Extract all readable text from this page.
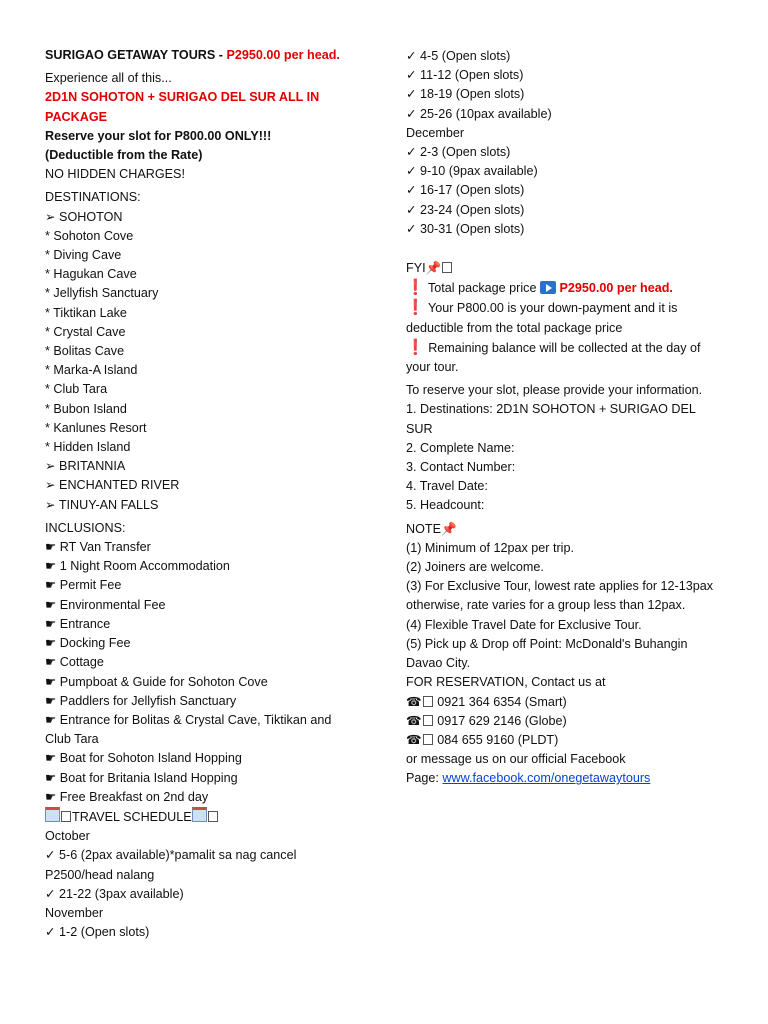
SURIGAO GETAWAY TOURS - P2950.00 per head.
Experience all of this...
2D1N SOHOTON + SURIGAO DEL SUR ALL IN
PACKAGE
Reserve your slot for P800.00 ONLY!!!
(Deductible from the Rate)
NO HIDDEN CHARGES!
DESTINATIONS:
➢ SOHOTON
* Sohoton Cove
* Diving Cave
* Hagukan Cave
* Jellyfish Sanctuary
* Tiktikan Lake
* Crystal Cave
* Bolitas Cave
* Marka-A Island
* Club Tara
* Bubon Island
* Kanlunes Resort
* Hidden Island
➢ BRITANNIA
➢ ENCHANTED RIVER
➢ TINUY-AN FALLS
INCLUSIONS:
☛ RT Van Transfer
☛ 1 Night Room Accommodation
☛ Permit Fee
☛ Environmental Fee
☛ Entrance
☛ Docking Fee
☛ Cottage
☛ Pumpboat & Guide for Sohoton Cove
☛ Paddlers for Jellyfish Sanctuary
☛ Entrance for Bolitas & Crystal Cave, Tiktikan and
Club Tara
☛ Boat for Sohoton Island Hopping
☛ Boat for Britania Island Hopping
☛ Free Breakfast on 2nd day
TRAVEL SCHEDULE
October
✓ 5-6 (2pax available)*pamalit sa nag cancel
P2500/head nalang
✓ 21-22 (3pax available)
November
✓ 1-2 (Open slots)
✓ 4-5 (Open slots)
✓ 11-12 (Open slots)
✓ 18-19 (Open slots)
✓ 25-26 (10pax available)
December
✓ 2-3 (Open slots)
✓ 9-10 (9pax available)
✓ 16-17 (Open slots)
✓ 23-24 (Open slots)
✓ 30-31 (Open slots)
FYI📌
❗ Total package price P2950.00 per head.
❗ Your P800.00 is your down-payment and it is deductible from the total package price
❗ Remaining balance will be collected at the day of your tour.
To reserve your slot, please provide your information.
1. Destinations: 2D1N SOHOTON + SURIGAO DEL SUR
2. Complete Name:
3. Contact Number:
4. Travel Date:
5. Headcount:
NOTE📌
(1) Minimum of 12pax per trip.
(2) Joiners are welcome.
(3) For Exclusive Tour, lowest rate applies for 12-13pax otherwise, rate varies for a group less than 12pax.
(4) Flexible Travel Date for Exclusive Tour.
(5) Pick up & Drop off Point: McDonald's Buhangin Davao City.
FOR RESERVATION, Contact us at
☎ 0921 364 6354 (Smart)
☎ 0917 629 2146 (Globe)
☎ 084 655 9160 (PLDT)
or message us on our official Facebook
Page: www.facebook.com/onegetawaytours
